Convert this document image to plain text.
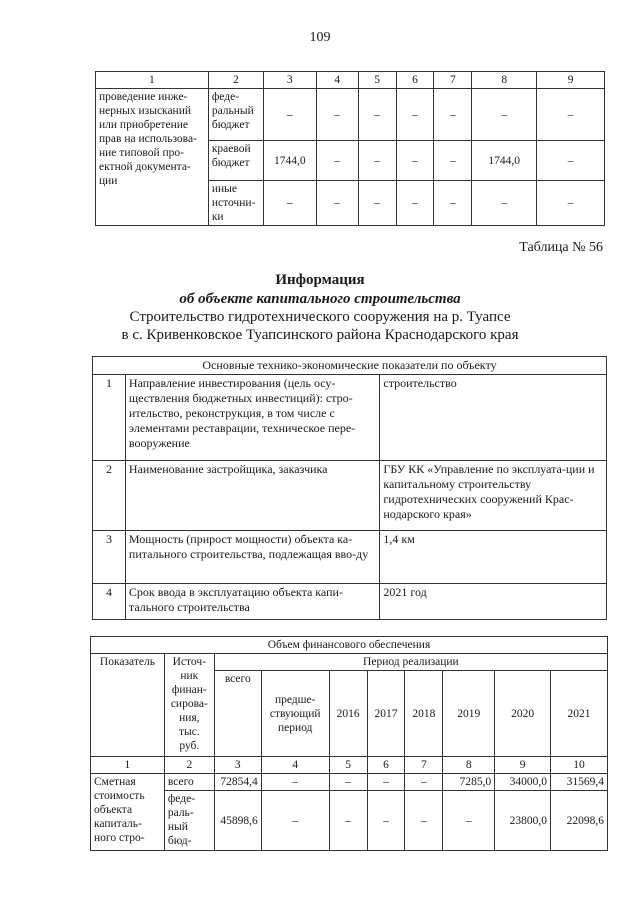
109
1	2	3	4	5	6	7	8	9
проведение инже-нерных изысканий или приобретение прав на использова-ние типовой про-ектной документа-ции	феде-ральный бюджет	–	–	–	–	–	–	–
	краевой бюджет	1744,0	–	–	–	–	1744,0	–
	иные источни-ки	–	–	–	–	–	–	–
Таблица № 56
Информация
об объекте капитального строительства
Строительство гидротехнического сооружения на р. Туапсе
в с. Кривенковское Туапсинского района Краснодарского края
Основные технико-экономические показатели по объекту		
1	Направление инвестирования (цель осу-ществления бюджетных инвестиций): стро-ительство, реконструкция, в том числе с элементами реставрации, техническое пере-вооружение	строительство
2	Наименование застройщика, заказчика	ГБУ КК «Управление по эксплуата-ции и капитальному строительству гидротехнических сооружений Крас-нодарского края»
3	Мощность (прирост мощности) объекта ка-питального строительства, подлежащая вво-ду	1,4 км
4	Срок ввода в эксплуатацию объекта капи-тального строительства	2021 год
Объем финансового обеспечения									
Показатель	Источ-ник финан-сирова-ния, тыс. руб.	Период реализации							
		всего	предше-ствующий период	2016	2017	2018	2019	2020	2021
1	2	3	4	5	6	7	8	9	10
Сметная стоимость объекта капиталь-ного стро-	всего	72854,4	–	–	–	–	7285,0	34000,0	31569,4
	феде-раль-ный бюд-	45898,6	–	–	–	–	–	23800,0	22098,6
